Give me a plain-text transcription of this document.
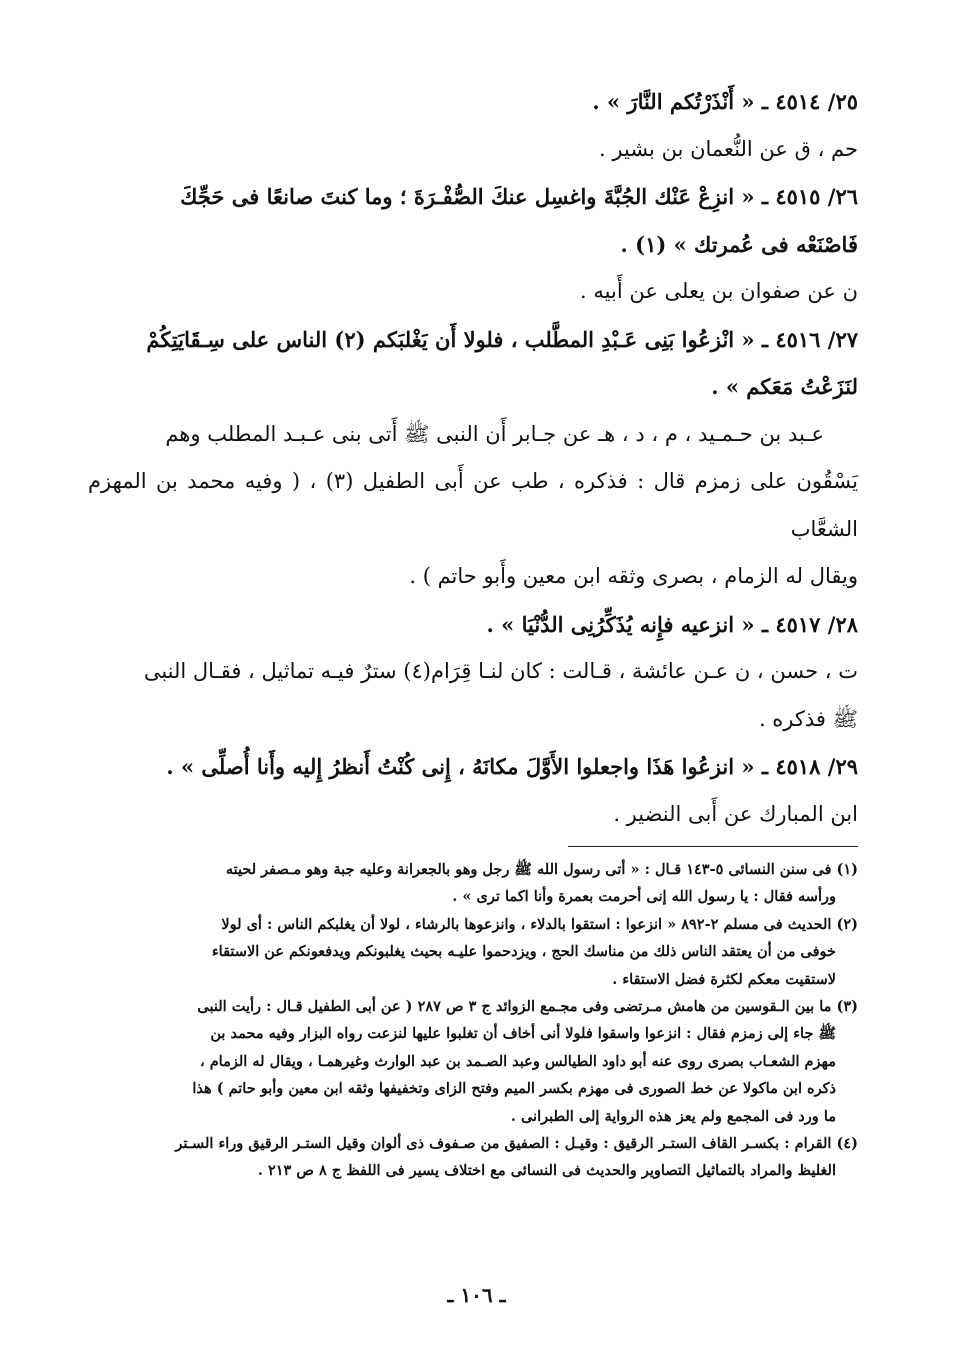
٢٥/ ٤٥١٤ ـ « أَنْذَرْتُكم النَّارَ » .

حم ، ق عن النُّعمان بن بشير .

٢٦/ ٤٥١٥ ـ « انزِعْ عَنْك الجُبَّةَ واغسِل عنكَ الصُّفْـرَةَ ؛ وما كنتَ صانعًا فى حَجِّكَ

فَاصْنَعْه فى عُمرتك » (١) .

ن عن صفوان بن يعلى عن أَبيه .

٢٧/ ٤٥١٦ ـ « انْزعُوا بَنِى عَـبْدِ المطَّلب ، فلولا أَن يَغْلبَكم (٢) الناس على سِـقَايَتِكُمْ

لنَزَعْتُ مَعَكم » .

عـبد بن حـمـيد ، م ، د ، هـ عن جـابر أَن النبى ﷺ أَتى بنى عـبـد المطلب وهم

يَسْقُون على زمزم قال : فذكره ، طب عن أَبى الطفيل (٣) ، ( وفيه محمد بن المهزم الشعَّاب

ويقال له الزمام ، بصرى وثقه ابن معين وأَبو حاتم ) .

٢٨/ ٤٥١٧ ـ « انزعيه فإِنه يُذَكِّرُنِى الدُّنْيَا » .

ت ، حسن ، ن عـن عائشة ، قـالت : كان لنـا قِرَام(٤) سترٌ فيـه تماثيل ، فقـال النبى

ﷺ فذكره .

٢٩/ ٤٥١٨ ـ « انزعُوا هَذَا واجعلوا الأَوَّلَ مكانَهُ ، إِنى كُنْتُ أَنظرُ إِليه وأَنا أُصلِّى » .

ابن المبارك عن أَبى النضير .

(١) فى سنن النسائى ٥-١٤٣ قـال : « أتى رسول الله ﷺ رجل وهو بالجعرانة وعليه جبة وهو مـصفر لحيته

ورأسه فقال : يا رسول الله إنى أحرمت بعمرة وأنا اكما ترى » .

(٢) الحديث فى مسلم ٢-٨٩٢ « انزعوا : استقوا بالدلاء ، وانزعوها بالرشاء ، لولا أن يغلبكم الناس : أى لولا

خوفى من أن يعتقد الناس ذلك من مناسك الحج ، ويزدحموا عليـه بحيث يغلبونكم ويدفعونكم عن الاستقاء

لاستقيت معكم لكثرة فضل الاستقاء .

(٣) ما بين الـقوسين من هامش مـرتضى وفى مجـمع الزوائد ج ٣ ص ٢٨٧ ( عن أبى الطفيل قـال : رأيت النبى

ﷺ جاء إلى زمزم فقال : انزعوا واسقوا فلولا أنى أخاف أن تغلبوا عليها لنزعت رواه البزار وفيه محمد بن

مهزم الشعـاب بصرى روى عنه أبو داود الطيالس وعبد الصـمد بن عبد الوارث وغيرهمـا ، ويقال له الزمام ،

ذكره ابن ماكولا عن خط الصورى فى مهزم بكسر الميم وفتح الزاى وتخفيفها وثقه ابن معين وأبو حاتم ) هذا

ما ورد فى المجمع ولم يعز هذه الرواية إلى الطبرانى .

(٤) القرام : بكسـر القاف الستـر الرقيق : وقيـل : الصفيق من صـفوف ذى ألوان وقيل الستـر الرقيق وراء السـتر

الغليظ والمراد بالتماثيل التصاوير والحديث فى النسائى مع اختلاف يسير فى اللفظ ج ٨ ص ٢١٣ .

ـ ١٠٦ ـ
